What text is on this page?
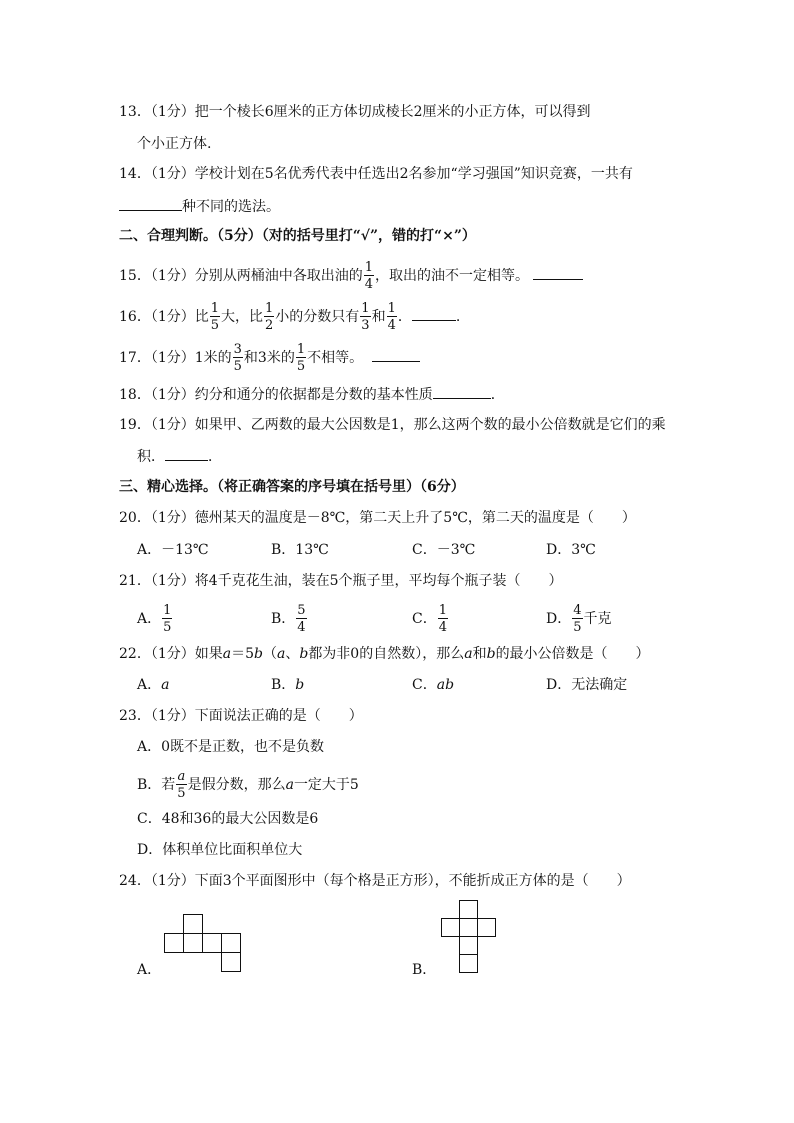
13．（1分）把一个棱长6厘米的正方体切成棱长2厘米的小正方体，可以得到
个小正方体.
14．（1分）学校计划在5名优秀代表中任选出2名参加“学习强国”知识竞赛，一共有
种不同的选法。
二、合理判断。（5分）（对的括号里打“√”，错的打“×”）
15．（1分）分别从两桶油中各取出油的 $\frac{1}{4}$ ，取出的油不一定相等。
16．（1分）比 $\frac{1}{5}$ 大，比 $\frac{1}{2}$ 小的分数只有 $\frac{1}{3}$ 和 $\frac{1}{4}$ ．	.
17．（1分）1米的 $\frac{3}{5}$ 和3米的 $\frac{1}{5}$ 不相等。
18．（1分）约分和通分的依据都是分数的基本性质	．
19．（1分）如果甲、乙两数的最大公因数是1，那么这两个数的最小公倍数就是它们的乘
积．	．
三、精心选择。（将正确答案的序号填在括号里）（6分）
20．（1分）德州某天的温度是－8℃，第二天上升了5℃，第二天的温度是（　　）
A．－13℃	B．13℃	C．－3℃	D．3℃
21．（1分）将4千克花生油，装在5个瓶子里，平均每个瓶子装（　　）
A． $\frac{1}{5}$	B． $\frac{5}{4}$	C． $\frac{1}{4}$	D． $\frac{4}{5}$ 千克
22．（1分）如果a＝5b（a、b都为非0的自然数），那么a和b的最小公倍数是（　　）
A．a	B．b	C．ab	D．无法确定
23．（1分）下面说法正确的是（　　）
A．0既不是正数，也不是负数
B．若 $\frac{a}{5}$ 是假分数，那么a一定大于5
C．48和36的最大公因数是6
D．体积单位比面积单位大
24．（1分）下面3个平面图形中（每个格是正方形），不能折成正方体的是（　　）
A．	B．
